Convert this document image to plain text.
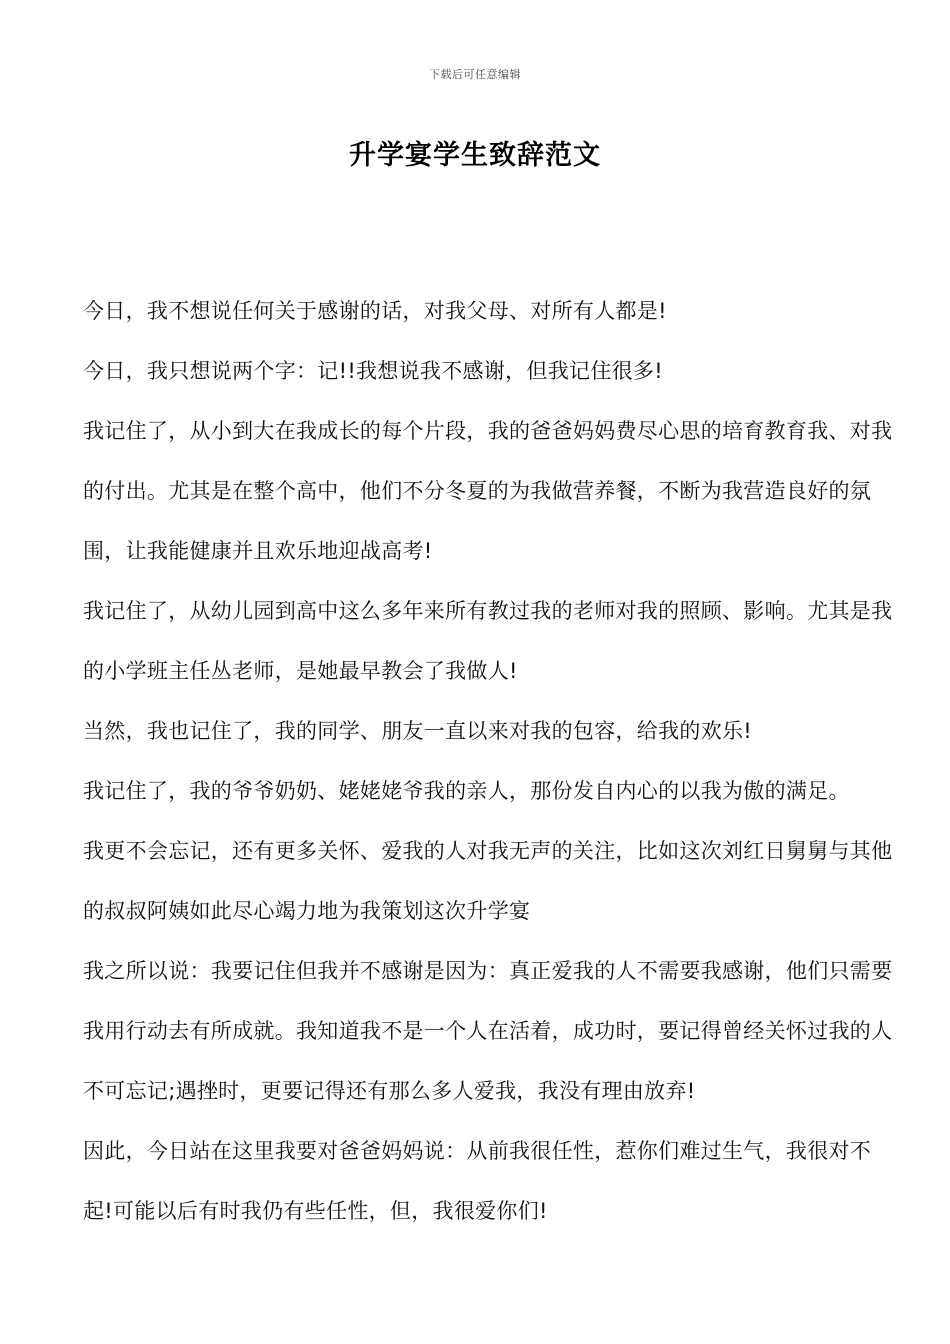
下载后可任意编辑
升学宴学生致辞范文

今日，我不想说任何关于感谢的话，对我父母、对所有人都是!

今日，我只想说两个字：记!!我想说我不感谢，但我记住很多!

我记住了，从小到大在我成长的每个片段，我的爸爸妈妈费尽心思的培育教育我、对我的付出。尤其是在整个高中，他们不分冬夏的为我做营养餐，不断为我营造良好的氛围，让我能健康并且欢乐地迎战高考!

我记住了，从幼儿园到高中这么多年来所有教过我的老师对我的照顾、影响。尤其是我的小学班主任丛老师，是她最早教会了我做人!

当然，我也记住了，我的同学、朋友一直以来对我的包容，给我的欢乐!

我记住了，我的爷爷奶奶、姥姥姥爷我的亲人，那份发自内心的以我为傲的满足。

我更不会忘记，还有更多关怀、爱我的人对我无声的关注，比如这次刘红日舅舅与其他的叔叔阿姨如此尽心竭力地为我策划这次升学宴

我之所以说：我要记住但我并不感谢是因为：真正爱我的人不需要我感谢，他们只需要我用行动去有所成就。我知道我不是一个人在活着，成功时，要记得曾经关怀过我的人不可忘记;遇挫时，更要记得还有那么多人爱我，我没有理由放弃!

因此，今日站在这里我要对爸爸妈妈说：从前我很任性，惹你们难过生气，我很对不起!可能以后有时我仍有些任性，但，我很爱你们!
